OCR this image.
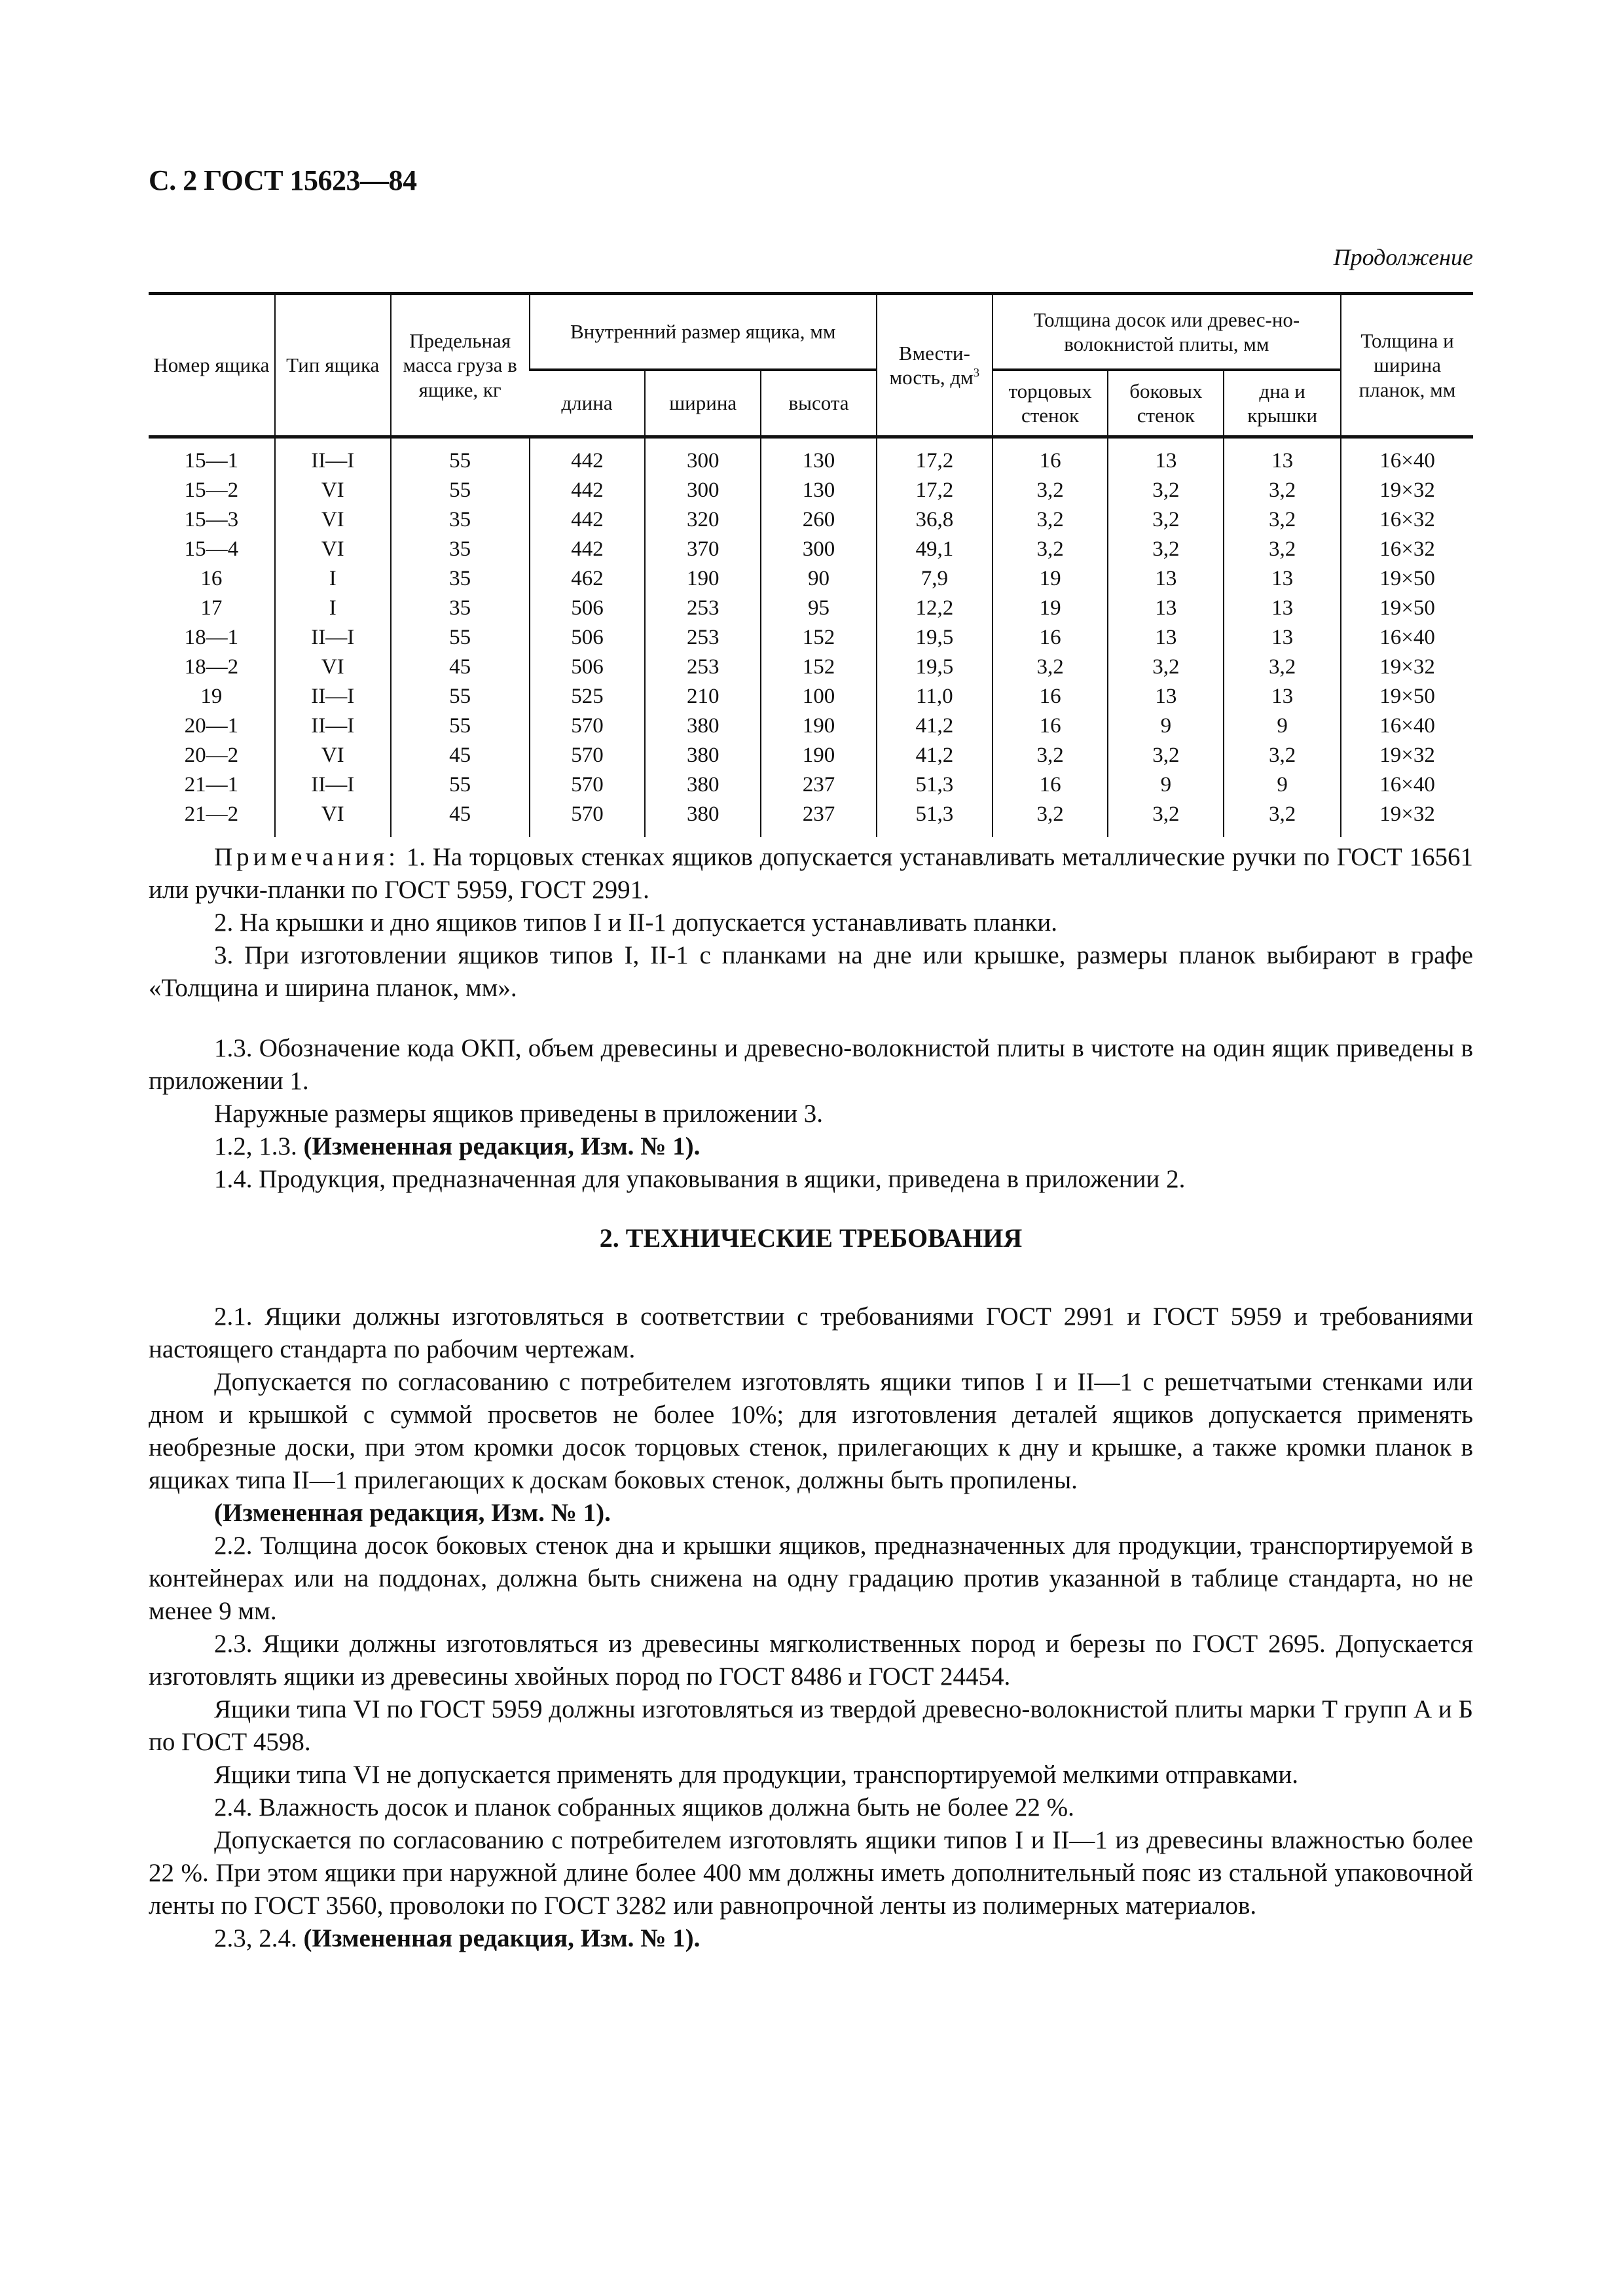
С. 2 ГОСТ 15623—84
Продолжение
Номер ящика	Тип ящика	Предельная масса груза в ящике, кг	Внутренний размер ящика, мм			Вмести-мость, $дм^3$	Толщина досок или древес-но-волокнистой плиты, мм			Толщина и ширина планок, мм
			длина	ширина	высота		торцовых стенок	боковых стенок	дна и крышки	
15—1	II—I	55	442	300	130	17,2	16	13	13	16×40
15—2	VI	55	442	300	130	17,2	3,2	3,2	3,2	19×32
15—3	VI	35	442	320	260	36,8	3,2	3,2	3,2	16×32
15—4	VI	35	442	370	300	49,1	3,2	3,2	3,2	16×32
16	I	35	462	190	90	7,9	19	13	13	19×50
17	I	35	506	253	95	12,2	19	13	13	19×50
18—1	II—I	55	506	253	152	19,5	16	13	13	16×40
18—2	VI	45	506	253	152	19,5	3,2	3,2	3,2	19×32
19	II—I	55	525	210	100	11,0	16	13	13	19×50
20—1	II—I	55	570	380	190	41,2	16	9	9	16×40
20—2	VI	45	570	380	190	41,2	3,2	3,2	3,2	19×32
21—1	II—I	55	570	380	237	51,3	16	9	9	16×40
21—2	VI	45	570	380	237	51,3	3,2	3,2	3,2	19×32

Примечания: 1. На торцовых стенках ящиков допускается устанавливать металлические ручки по ГОСТ 16561 или ручки-планки по ГОСТ 5959, ГОСТ 2991.

2. На крышки и дно ящиков типов I и II-1 допускается устанавливать планки.

3. При изготовлении ящиков типов I, II-1 с планками на дне или крышке, размеры планок выбирают в графе «Толщина и ширина планок, мм».

1.3. Обозначение кода ОКП, объем древесины и древесно-волокнистой плиты в чистоте на один ящик приведены в приложении 1.

Наружные размеры ящиков приведены в приложении 3.

1.2, 1.3. (Измененная редакция, Изм. № 1).

1.4. Продукция, предназначенная для упаковывания в ящики, приведена в приложении 2.

2. ТЕХНИЧЕСКИЕ ТРЕБОВАНИЯ

2.1. Ящики должны изготовляться в соответствии с требованиями ГОСТ 2991 и ГОСТ 5959 и требованиями настоящего стандарта по рабочим чертежам.

Допускается по согласованию с потребителем изготовлять ящики типов I и II—1 с решетчатыми стенками или дном и крышкой с суммой просветов не более 10%; для изготовления деталей ящиков допускается применять необрезные доски, при этом кромки досок торцовых стенок, прилегающих к дну и крышке, а также кромки планок в ящиках типа II—1 прилегающих к доскам боковых стенок, должны быть пропилены.

(Измененная редакция, Изм. № 1).

2.2. Толщина досок боковых стенок дна и крышки ящиков, предназначенных для продукции, транспортируемой в контейнерах или на поддонах, должна быть снижена на одну градацию против указанной в таблице стандарта, но не менее 9 мм.

2.3. Ящики должны изготовляться из древесины мягколиственных пород и березы по ГОСТ 2695. Допускается изготовлять ящики из древесины хвойных пород по ГОСТ 8486 и ГОСТ 24454.

Ящики типа VI по ГОСТ 5959 должны изготовляться из твердой древесно-волокнистой плиты марки Т групп А и Б по ГОСТ 4598.

Ящики типа VI не допускается применять для продукции, транспортируемой мелкими отправками.

2.4. Влажность досок и планок собранных ящиков должна быть не более 22 %.

Допускается по согласованию с потребителем изготовлять ящики типов I и II—1 из древесины влажностью более 22 %. При этом ящики при наружной длине более 400 мм должны иметь дополнительный пояс из стальной упаковочной ленты по ГОСТ 3560, проволоки по ГОСТ 3282 или равнопрочной ленты из полимерных материалов.

2.3, 2.4. (Измененная редакция, Изм. № 1).
